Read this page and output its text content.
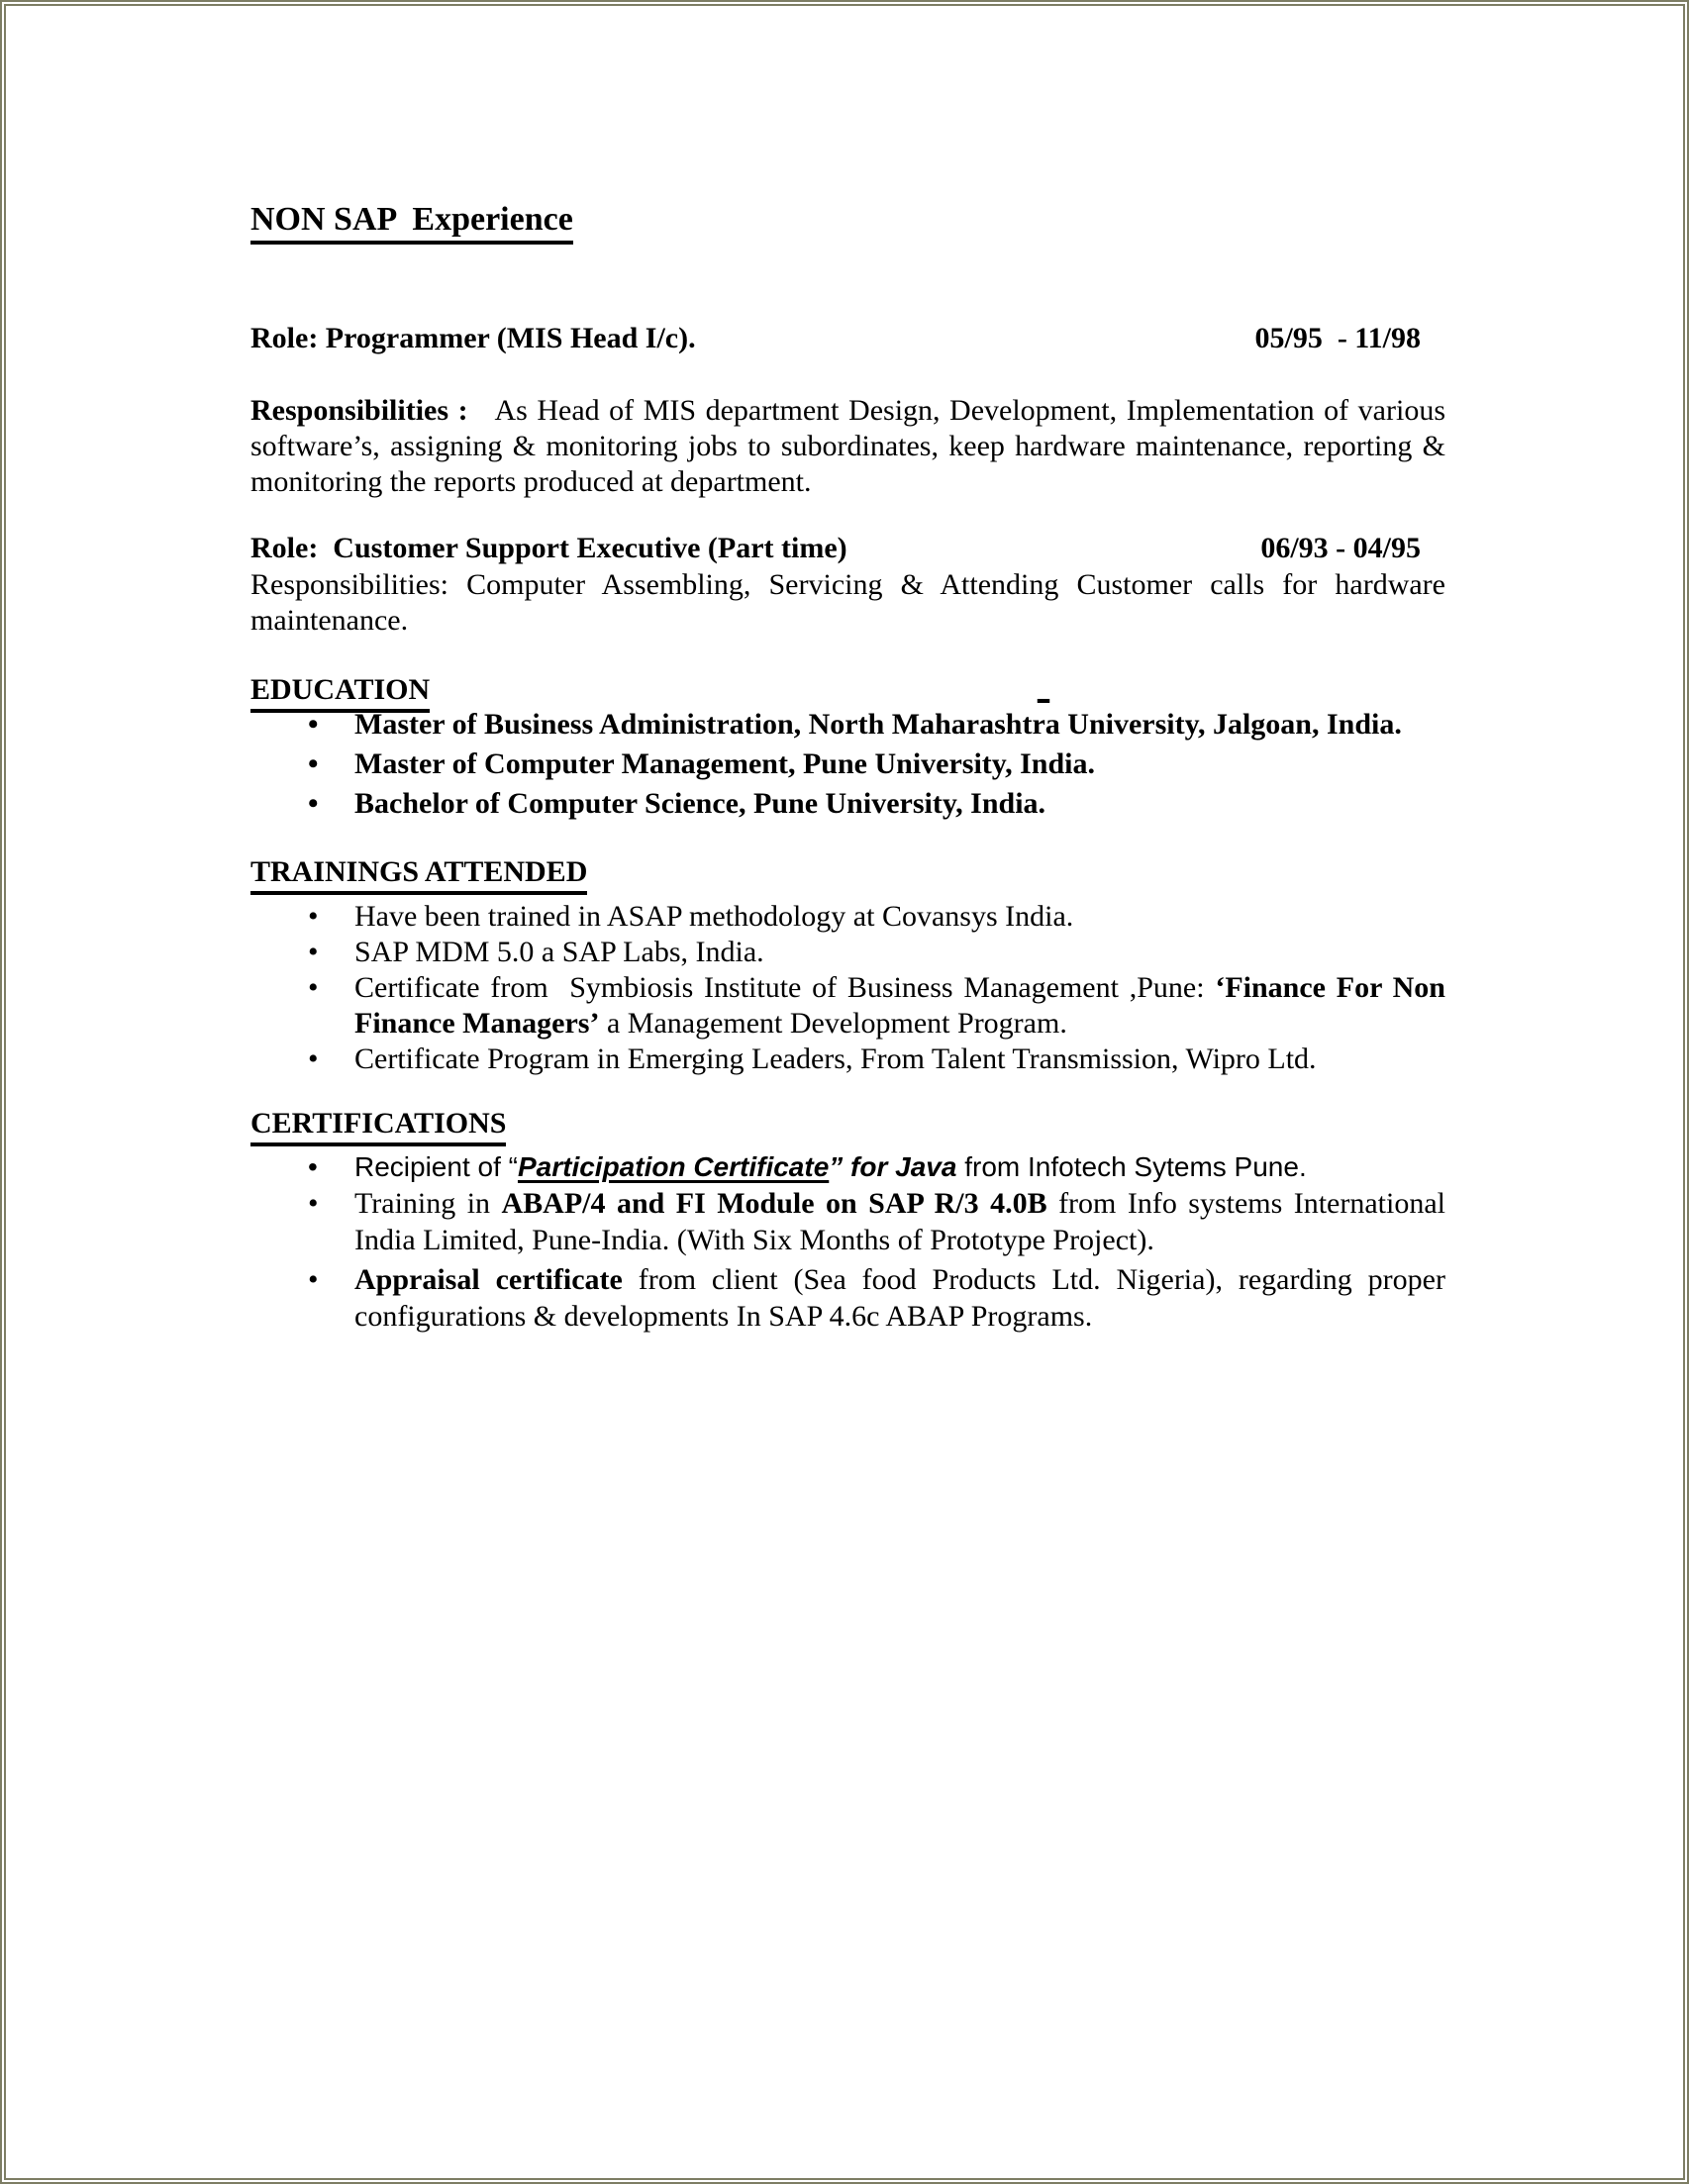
NON SAP  Experience
Role: Programmer (MIS Head I/c).	05/95  - 11/98
Responsibilities :   As Head of MIS department Design, Development, Implementation of various software’s, assigning & monitoring jobs to subordinates, keep hardware maintenance, reporting & monitoring the reports produced at department.
Role:  Customer Support Executive (Part time)	06/93 - 04/95
Responsibilities: Computer Assembling, Servicing & Attending Customer calls for hardware maintenance.
EDUCATION	-
• Master of Business Administration, North Maharashtra University, Jalgoan, India.
• Master of Computer Management, Pune University, India.
• Bachelor of Computer Science, Pune University, India.
TRAININGS ATTENDED
• Have been trained in ASAP methodology at Covansys India.
• SAP MDM 5.0 a SAP Labs, India.
• Certificate from  Symbiosis Institute of Business Management ,Pune: ‘Finance For Non Finance Managers’ a Management Development Program.
• Certificate Program in Emerging Leaders, From Talent Transmission, Wipro Ltd.
CERTIFICATIONS
• Recipient of “Participation Certificate” for Java from Infotech Sytems Pune.
• Training in ABAP/4 and FI Module on SAP R/3 4.0B from Info systems International India Limited, Pune-India. (With Six Months of Prototype Project).
• Appraisal certificate from client (Sea food Products Ltd. Nigeria), regarding proper configurations & developments In SAP 4.6c ABAP Programs.
